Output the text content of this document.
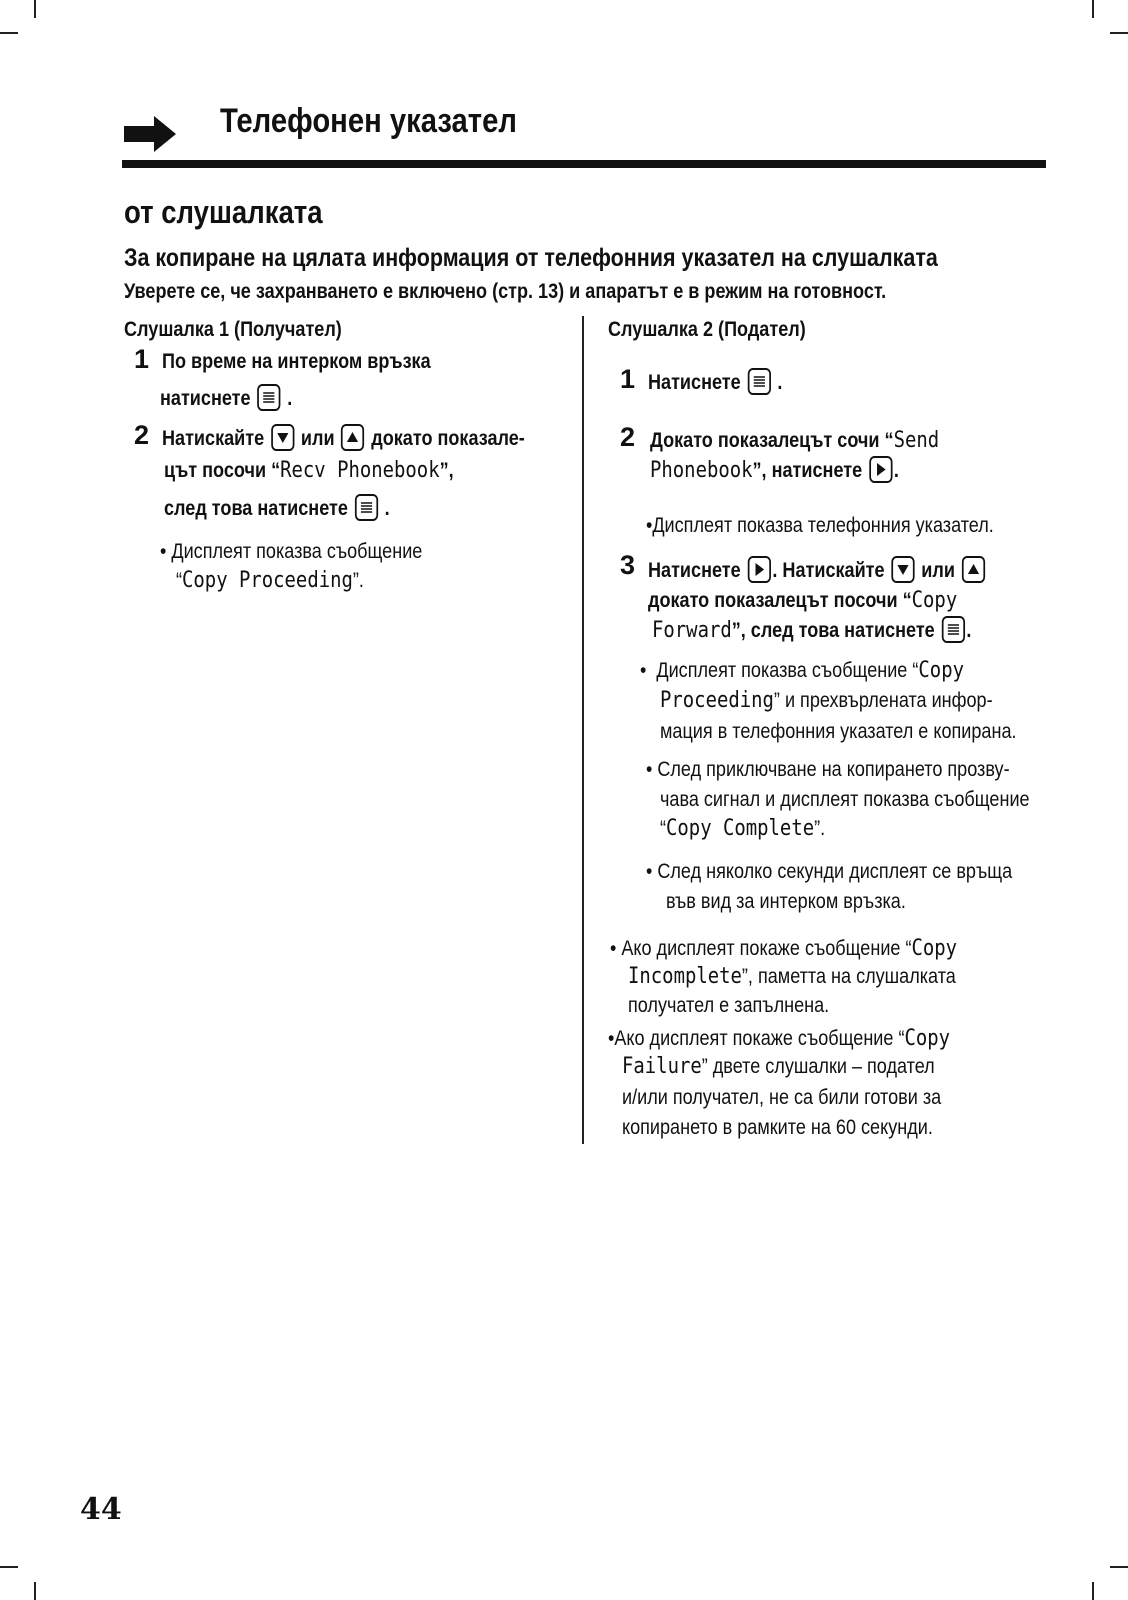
Телефонен указател
от слушалката
За копиране на цялата информация от телефонния указател на слушалката
Уверете се, че захранването е включено (стр. 13) и апаратът е в режим на готовност.
Слушалка 1 (Получател)
1 По време на интерком връзка
натиснете
.
2 Натискайте или докато показале-
цът посочи “Recv Phonebook”,
след това натиснете
.
• Дисплеят показва съобщение
“Copy Proceeding”.
Слушалка 2 (Подател)
1 Натиснете
.
2 Докато показалецът сочи “Send
Phonebook”, натиснете .
•Дисплеят показва телефонния указател.
3 Натиснете . Натискайте или
докато показалецът посочи “Copy
Forward”, след това натиснете .
• Дисплеят показва съобщение “Copy
Proceeding” и прехвърлената инфор-
мация в телефонния указател е копирана.
• След приключване на копирането прозву-
чава сигнал и дисплеят показва съобщение
“Copy Complete”.
• След няколко секунди дисплеят се връща
във вид за интерком връзка.
• Ако дисплеят покаже съобщение “Copy
Incomplete”, паметта на слушалката
получател е запълнена.
•Ако дисплеят покаже съобщение “Copy
Failure” двете слушалки – подател
и/или получател, не са били готови за
копирането в рамките на 60 секунди.
44
